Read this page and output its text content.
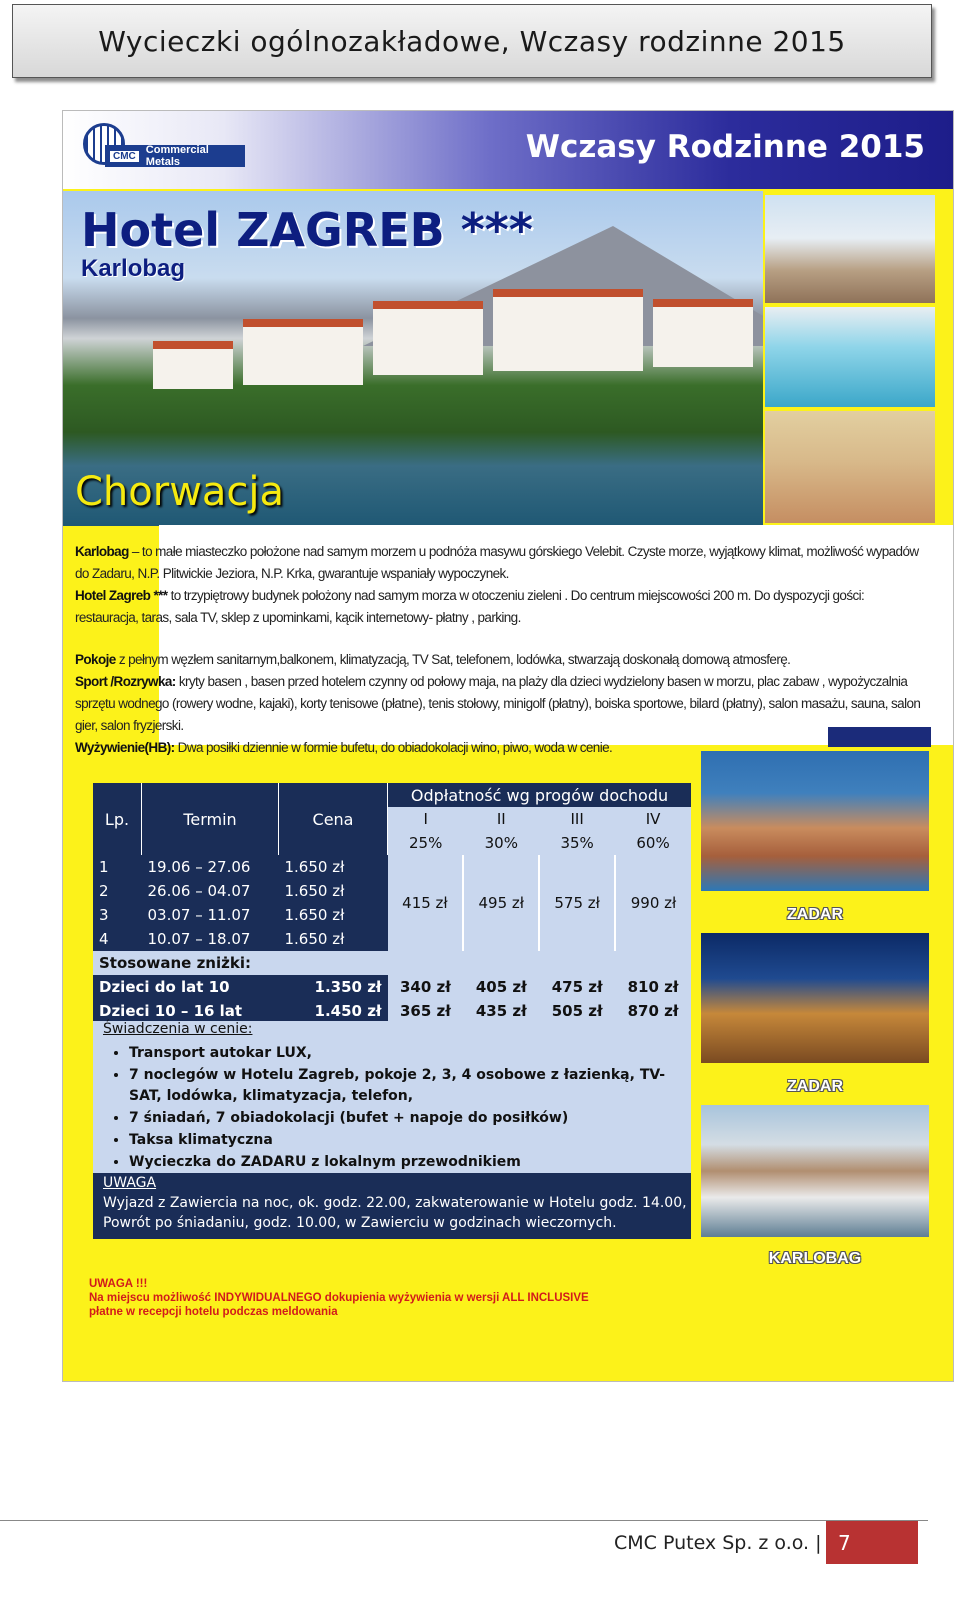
Wycieczki ogólnozakładowe, Wczasy rodzinne 2015
CMC Commercial Metals	Wczasy Rodzinne 2015
Hotel ZAGREB ***
Karlobag
Chorwacja

Karlobag – to małe miasteczko położone nad samym morzem u podnóża masywu górskiego Velebit. Czyste morze, wyjątkowy klimat, możliwość wypadów do Zadaru, N.P. Plitwickie Jeziora, N.P. Krka, gwarantuje wspaniały wypoczynek.

Hotel Zagreb *** to trzypiętrowy budynek położony nad samym morza w otoczeniu zieleni . Do centrum miejscowości 200 m. Do dyspozycji gości: restauracja, taras, sala TV, sklep z upominkami, kącik internetowy- płatny , parking.

Pokoje z pełnym węzłem sanitarnym,balkonem, klimatyzacją, TV Sat, telefonem, lodówka, stwarzają doskonałą domową atmosferę.

Sport /Rozrywka: kryty basen , basen przed hotelem czynny od połowy maja, na plaży dla dzieci wydzielony basen w morzu, plac zabaw , wypożyczalnia sprzętu wodnego (rowery wodne, kajaki), korty tenisowe (płatne), tenis stołowy, minigolf (płatny), boiska sportowe, bilard (płatny), salon masażu, sauna, salon gier, salon fryzjerski.

Wyżywienie(HB): Dwa posiłki dziennie w formie bufetu, do obiadokolacji wino, piwo, woda w cenie.

ZADAR
ZADAR
KARLOBAG
Lp.	Termin	Cena	Odpłatność wg progów dochodu			
			I	II	III	IV
			25%	30%	35%	60%
1	19.06 – 27.06	1.650 zł	415 zł	495 zł	575 zł	990 zł
2	26.06 – 04.07	1.650 zł				
3	03.07 – 11.07	1.650 zł				
4	10.07 – 18.07	1.650 zł				
Stosowane zniżki:						
Dzieci do lat 10		1.350 zł	340 zł	405 zł	475 zł	810 zł
Dzieci 10 – 16 lat		1.450 zł	365 zł	435 zł	505 zł	870 zł
Świadczenia w cenie:
• Transport autokar LUX,
• 7 noclegów w Hotelu Zagreb, pokoje 2, 3, 4 osobowe z łazienką, TV-SAT, lodówka, klimatyzacja, telefon,
• 7 śniadań, 7 obiadokolacji (bufet + napoje do posiłków)
• Taksa klimatyczna
• Wycieczka do ZADARU z lokalnym przewodnikiem
UWAGA
Wyjazd z Zawiercia na noc, ok. godz. 22.00, zakwaterowanie w Hotelu godz. 14.00,
Powrót po śniadaniu, godz. 10.00, w Zawierciu w godzinach wieczornych.
UWAGA !!!
Na miejscu możliwość INDYWIDUALNEGO dokupienia wyżywienia w wersji ALL INCLUSIVE
płatne w recepcji hotelu podczas meldowania
CMC Putex Sp. z o.o. | 7
